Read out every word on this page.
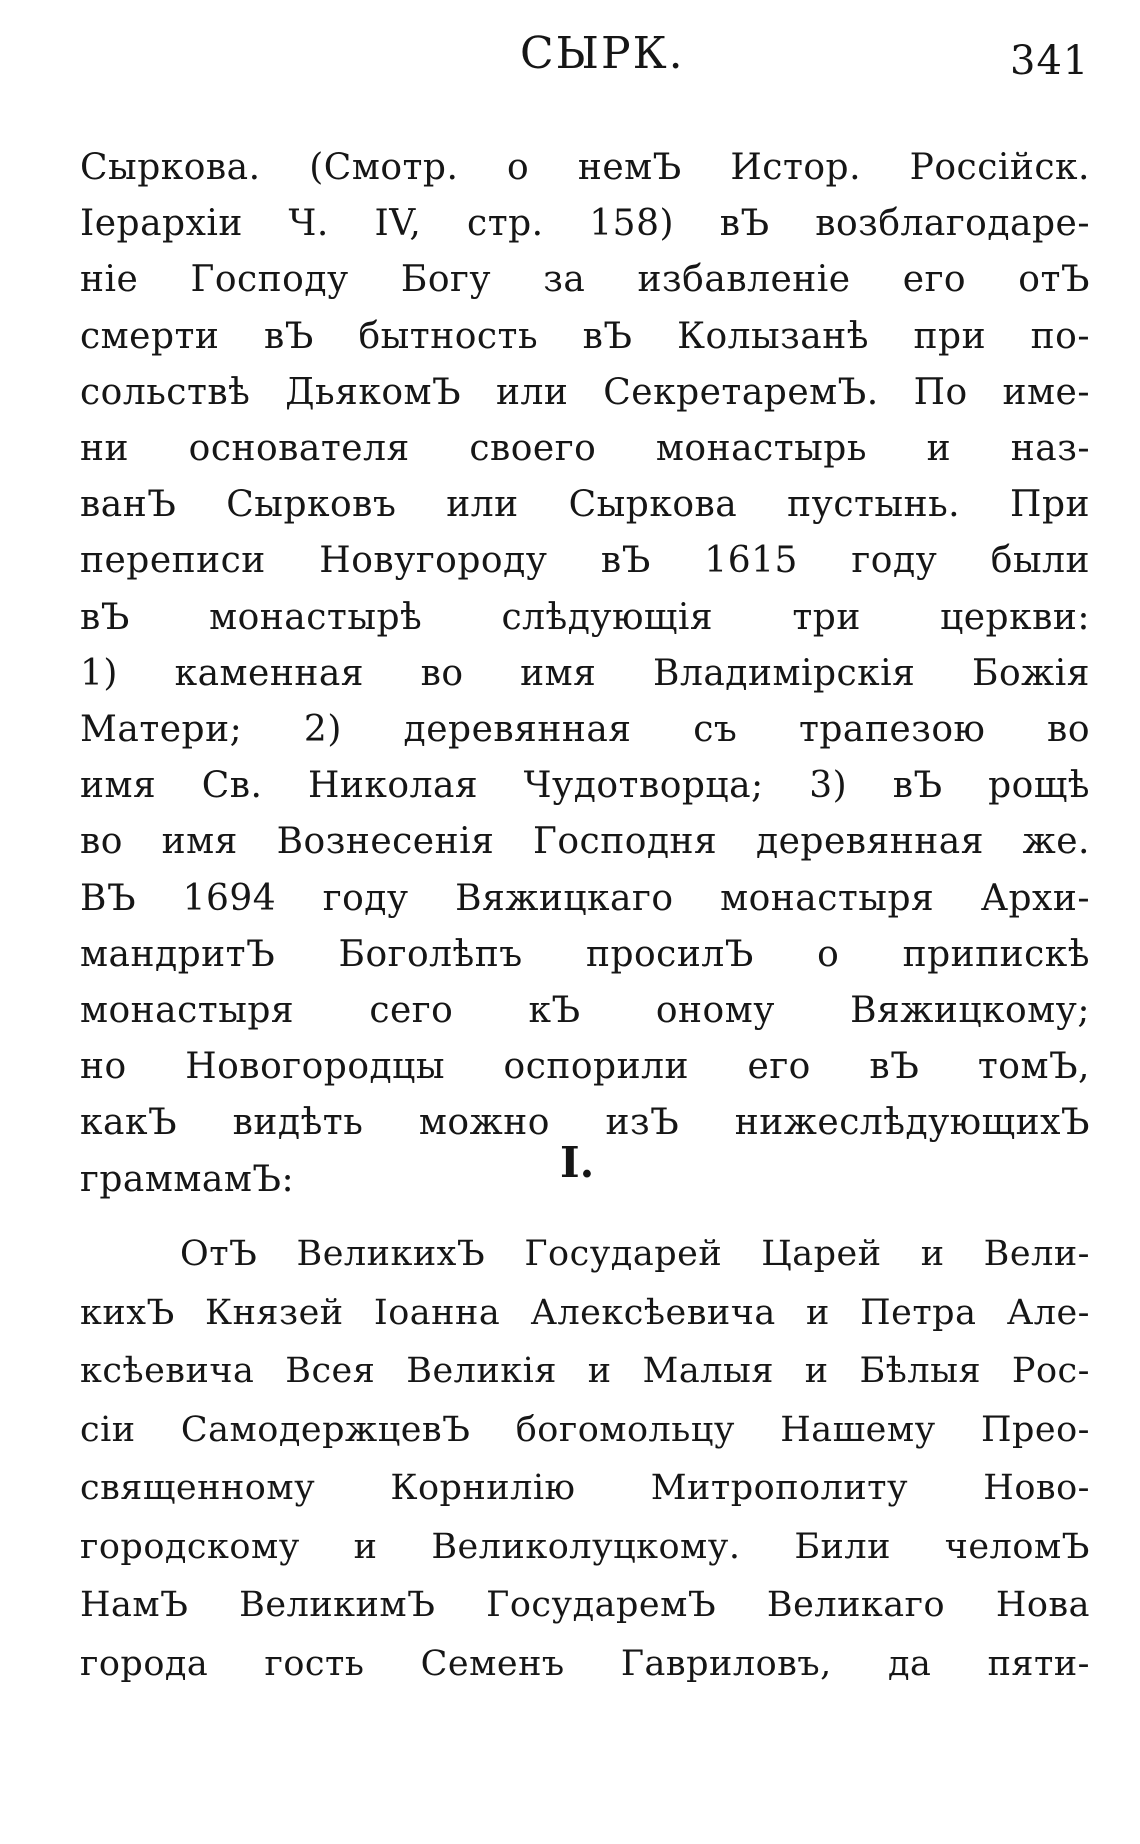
СЫРК.	341
Сыркова. (Смотр. о немЪ Истор. Россійск.
Іерархіи Ч. IV, стр. 158) вЪ возблагодаре-
ніе Господу Богу за избавленіе его отЪ
смерти вЪ бытность вЪ Колызанѣ при по-
сольствѣ ДьякомЪ или СекретаремЪ. По име-
ни основателя своего монастырь и наз-
ванЪ Сырковъ или Сыркова пустынь. При
переписи Новугороду вЪ 1615 году были
вЪ монастырѣ слѣдующія три церкви:
1) каменная во имя Владимірскія Божія
Матери; 2) деревянная съ трапезою во
имя Св. Николая Чудотворца; 3) вЪ рощѣ
во имя Вознесенія Господня деревянная же.
ВЪ 1694 году Вяжицкаго монастыря Архи-
мандритЪ Боголѣпъ просилЪ о припискѣ
монастыря сего кЪ оному Вяжицкому;
но Новогородцы оспорили его вЪ томЪ,
какЪ видѣть можно изЪ нижеслѣдующихЪ
граммамЪ:	I.
ОтЪ ВеликихЪ Государей Царей и Вели-
кихЪ Князей Іоанна Алексѣевича и Петра Але-
ксѣевича Всея Великія и Малыя и Бѣлыя Рос-
сіи СамодержцевЪ богомольцу Нашему Прео-
священному Корнилію Митрополиту Ново-
городскому и Великолуцкому. Били челомЪ
НамЪ ВеликимЪ ГосударемЪ Великаго Нова
города гость Семенъ Гавриловъ, да пяти-
